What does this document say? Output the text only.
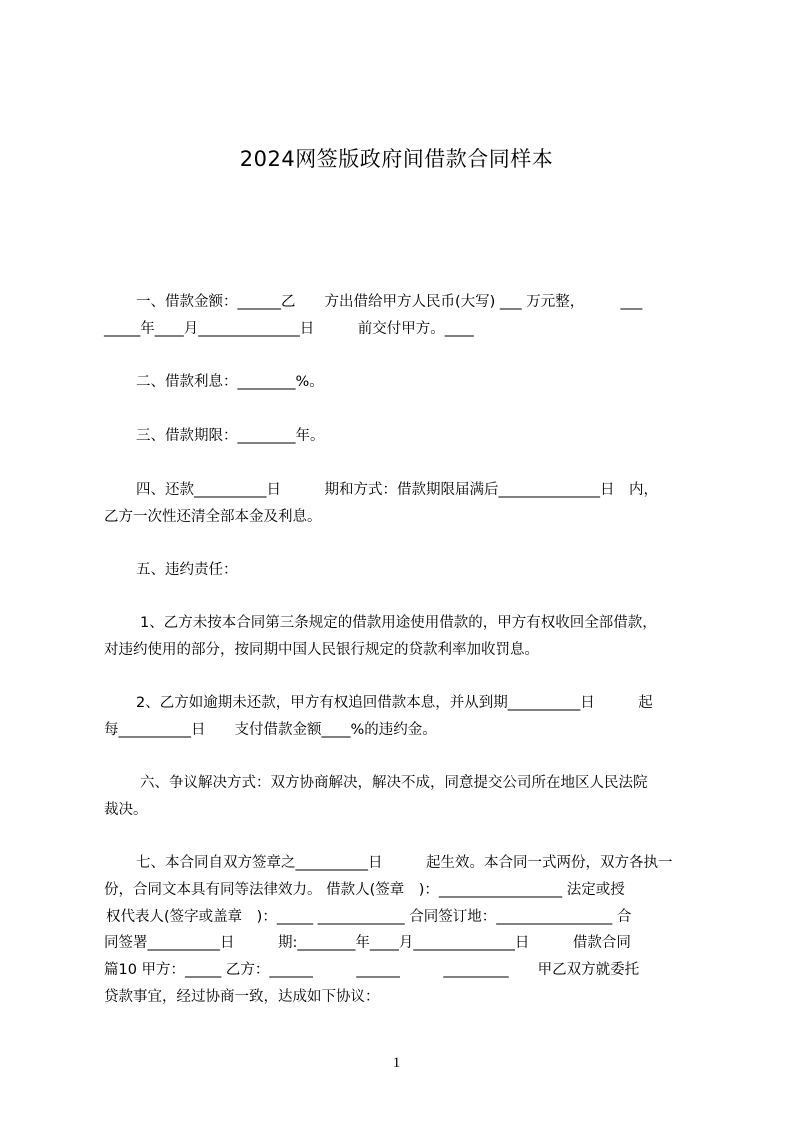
2024网签版政府间借款合同样本
一、借款金额：______乙　　方出借给甲方人民币(大写) ___ 万元整，　　　___
_____年____月______________日　　　前交付甲方。____
二、借款利息：________%。
三、借款期限：________年。
四、还款__________日　　　期和方式：借款期限届满后______________日　内，
乙方一次性还清全部本金及利息。
五、违约责任：
1、乙方未按本合同第三条规定的借款用途使用借款的，甲方有权收回全部借款，
对违约使用的部分，按同期中国人民银行规定的贷款利率加收罚息。
2、乙方如逾期未还款，甲方有权追回借款本息，并从到期__________日　　　起
每__________日　　支付借款金额____%的违约金。
六、争议解决方式：双方协商解决，解决不成，同意提交公司所在地区人民法院
裁决。
七、本合同自双方签章之__________日　　　起生效。本合同一式两份，双方各执一
份，合同文本具有同等法律效力。 借款人(签章　)：_________________ 法定或授
权代表人(签字或盖章　)：_____ ____________ 合同签订地：________________ 合
同签署__________日　　　期:________年____月______________日　　　借款合同
篇10 甲方：_____ 乙方：______　　　______　　　_________　　甲乙双方就委托
贷款事宜，经过协商一致，达成如下协议：
1
